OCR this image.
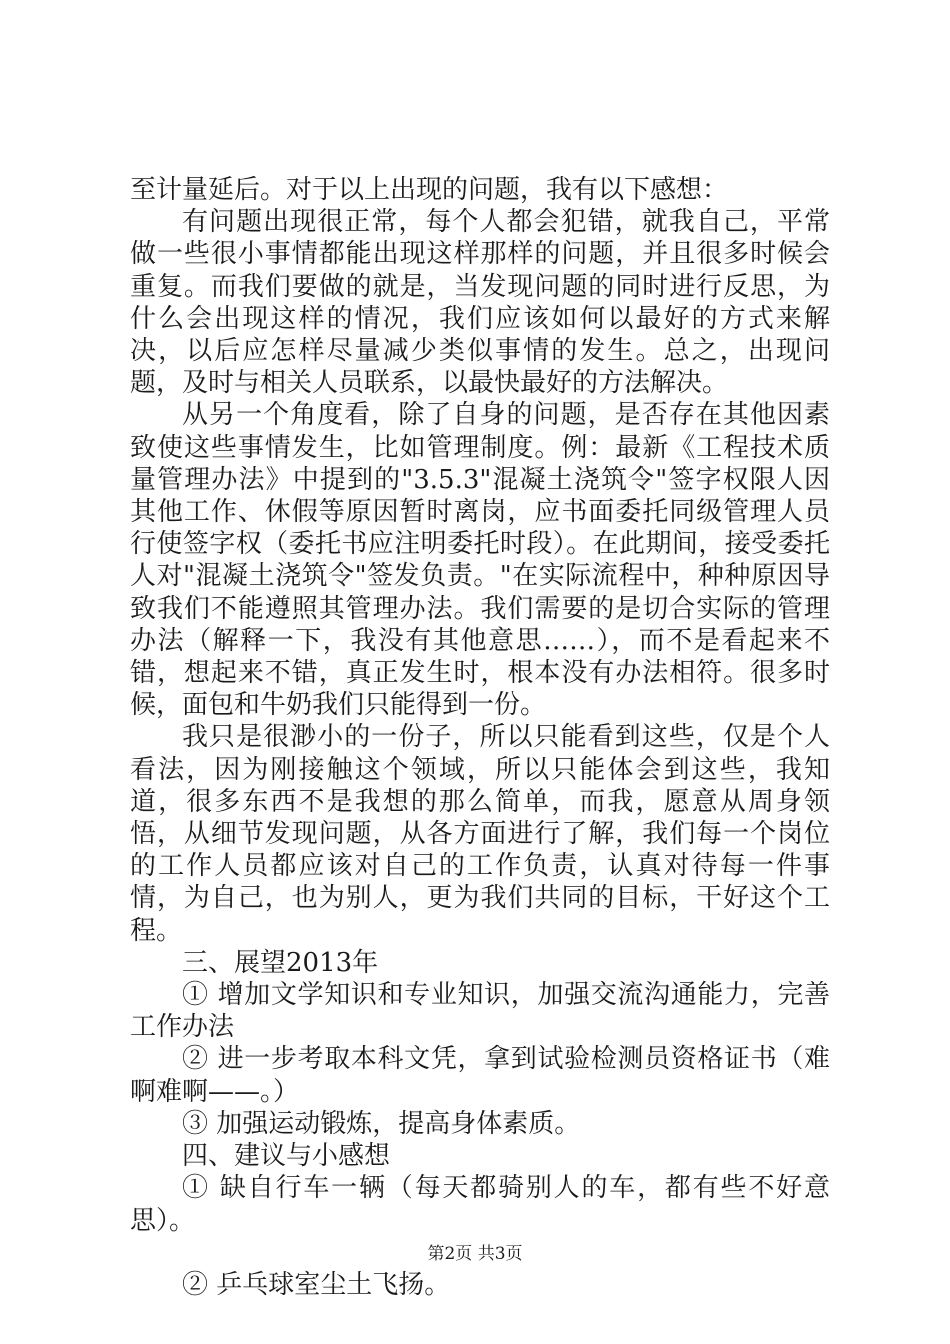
至计量延后。对于以上出现的问题，我有以下感想：

有问题出现很正常，每个人都会犯错，就我自己，平常做一些很小事情都能出现这样那样的问题，并且很多时候会重复。而我们要做的就是，当发现问题的同时进行反思，为什么会出现这样的情况，我们应该如何以最好的方式来解决，以后应怎样尽量减少类似事情的发生。总之，出现问题，及时与相关人员联系，以最快最好的方法解决。

从另一个角度看，除了自身的问题，是否存在其他因素致使这些事情发生，比如管理制度。例：最新《工程技术质量管理办法》中提到的"3.5.3"混凝土浇筑令"签字权限人因其他工作、休假等原因暂时离岗，应书面委托同级管理人员行使签字权（委托书应注明委托时段）。在此期间，接受委托人对"混凝土浇筑令"签发负责。"在实际流程中，种种原因导致我们不能遵照其管理办法。我们需要的是切合实际的管理办法（解释一下，我没有其他意思……），而不是看起来不错，想起来不错，真正发生时，根本没有办法相符。很多时候，面包和牛奶我们只能得到一份。

我只是很渺小的一份子，所以只能看到这些，仅是个人看法，因为刚接触这个领域，所以只能体会到这些，我知道，很多东西不是我想的那么简单，而我，愿意从周身领悟，从细节发现问题，从各方面进行了解，我们每一个岗位的工作人员都应该对自己的工作负责，认真对待每一件事情，为自己，也为别人，更为我们共同的目标，干好这个工程。

三、展望2013年

① 增加文学知识和专业知识，加强交流沟通能力，完善工作办法

② 进一步考取本科文凭，拿到试验检测员资格证书（难啊难啊——。）

③ 加强运动锻炼，提高身体素质。

四、建议与小感想

① 缺自行车一辆（每天都骑别人的车，都有些不好意思）。

② 乒乓球室尘土飞扬。

第2页 共3页
